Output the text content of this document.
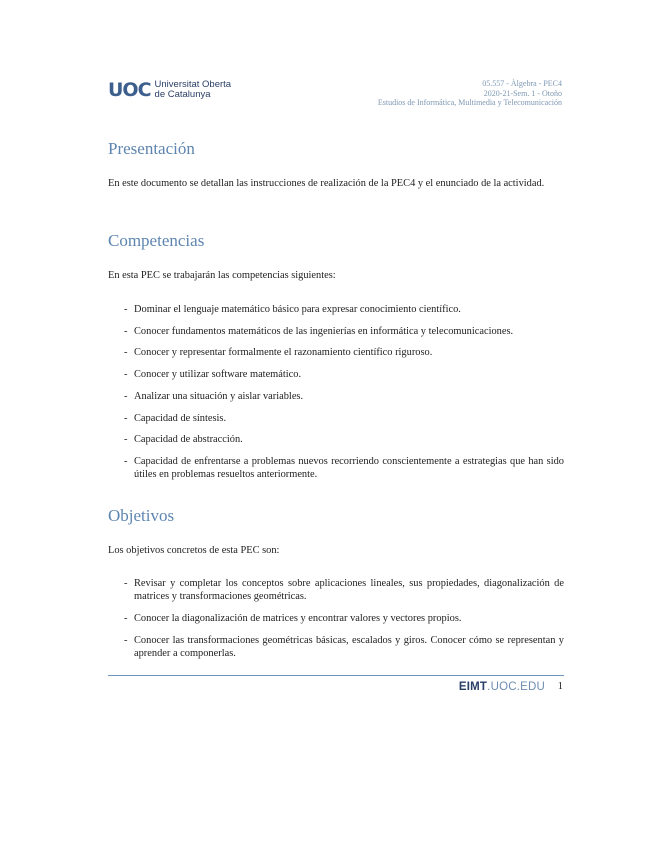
UOC Universitat Oberta
de Catalunya
05.557 - Àlgebra - PEC4
2020-21-Sem. 1 - Otoño
Estudios de Informática, Multimedia y Telecomunicación
Presentación

En este documento se detallan las instrucciones de realización de la PEC4 y el enunciado de la actividad.

Competencias

En esta PEC se trabajarán las competencias siguientes:

- Dominar el lenguaje matemático básico para expresar conocimiento científico.
- Conocer fundamentos matemáticos de las ingenierías en informática y telecomunicaciones.
- Conocer y representar formalmente el razonamiento científico riguroso.
- Conocer y utilizar software matemático.
- Analizar una situación y aislar variables.
- Capacidad de síntesis.
- Capacidad de abstracción.
- Capacidad de enfrentarse a problemas nuevos recorriendo conscientemente a estrategias que han sido útiles en problemas resueltos anteriormente.
Objetivos

Los objetivos concretos de esta PEC son:

- Revisar y completar los conceptos sobre aplicaciones lineales, sus propiedades, diagonalización de matrices y transformaciones geométricas.
- Conocer la diagonalización de matrices y encontrar valores y vectores propios.
- Conocer las transformaciones geométricas básicas, escalados y giros. Conocer cómo se representan y aprender a componerlas.
EIMT.UOC.EDU 1
